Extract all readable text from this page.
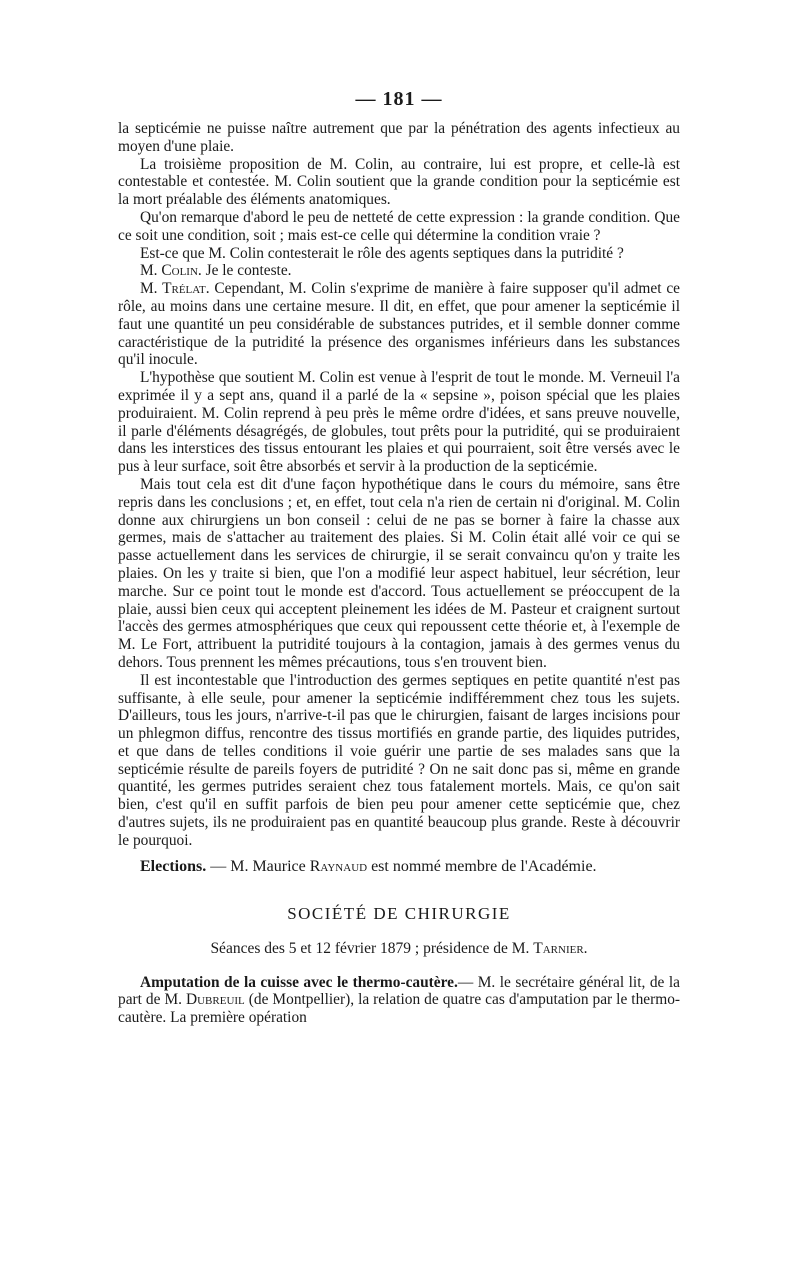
— 181 —

la septicémie ne puisse naître autrement que par la pénétration des agents infectieux au moyen d'une plaie.

La troisième proposition de M. Colin, au contraire, lui est propre, et celle-là est contestable et contestée. M. Colin soutient que la grande condition pour la septicémie est la mort préalable des éléments anatomiques.

Qu'on remarque d'abord le peu de netteté de cette expression : la grande condition. Que ce soit une condition, soit ; mais est-ce celle qui détermine la condition vraie ?

Est-ce que M. Colin contesterait le rôle des agents septiques dans la putridité ?

M. Colin. Je le conteste.

M. Trélat. Cependant, M. Colin s'exprime de manière à faire supposer qu'il admet ce rôle, au moins dans une certaine mesure. Il dit, en effet, que pour amener la septicémie il faut une quantité un peu considérable de substances putrides, et il semble donner comme caractéristique de la putridité la présence des organismes inférieurs dans les substances qu'il inocule.

L'hypothèse que soutient M. Colin est venue à l'esprit de tout le monde. M. Verneuil l'a exprimée il y a sept ans, quand il a parlé de la « sepsine », poison spécial que les plaies produiraient. M. Colin reprend à peu près le même ordre d'idées, et sans preuve nouvelle, il parle d'éléments désagrégés, de globules, tout prêts pour la putridité, qui se produiraient dans les interstices des tissus entourant les plaies et qui pourraient, soit être versés avec le pus à leur surface, soit être absorbés et servir à la production de la septicémie.

Mais tout cela est dit d'une façon hypothétique dans le cours du mémoire, sans être repris dans les conclusions ; et, en effet, tout cela n'a rien de certain ni d'original. M. Colin donne aux chirurgiens un bon conseil : celui de ne pas se borner à faire la chasse aux germes, mais de s'attacher au traitement des plaies. Si M. Colin était allé voir ce qui se passe actuellement dans les services de chirurgie, il se serait convaincu qu'on y traite les plaies. On les y traite si bien, que l'on a modifié leur aspect habituel, leur sécrétion, leur marche. Sur ce point tout le monde est d'accord. Tous actuellement se préoccupent de la plaie, aussi bien ceux qui acceptent pleinement les idées de M. Pasteur et craignent surtout l'accès des germes atmosphériques que ceux qui repoussent cette théorie et, à l'exemple de M. Le Fort, attribuent la putridité toujours à la contagion, jamais à des germes venus du dehors. Tous prennent les mêmes précautions, tous s'en trouvent bien.

Il est incontestable que l'introduction des germes septiques en petite quantité n'est pas suffisante, à elle seule, pour amener la septicémie indifféremment chez tous les sujets. D'ailleurs, tous les jours, n'arrive-t-il pas que le chirurgien, faisant de larges incisions pour un phlegmon diffus, rencontre des tissus mortifiés en grande partie, des liquides putrides, et que dans de telles conditions il voie guérir une partie de ses malades sans que la septicémie résulte de pareils foyers de putridité ? On ne sait donc pas si, même en grande quantité, les germes putrides seraient chez tous fatalement mortels. Mais, ce qu'on sait bien, c'est qu'il en suffit parfois de bien peu pour amener cette septicémie que, chez d'autres sujets, ils ne produiraient pas en quantité beaucoup plus grande. Reste à découvrir le pourquoi.

Elections. — M. Maurice Raynaud est nommé membre de l'Académie.

SOCIÉTÉ DE CHIRURGIE
Séances des 5 et 12 février 1879 ; présidence de M. Tarnier.

Amputation de la cuisse avec le thermo-cautère.— M. le secrétaire général lit, de la part de M. Dubreuil (de Montpellier), la relation de quatre cas d'amputation par le thermo-cautère. La première opération
